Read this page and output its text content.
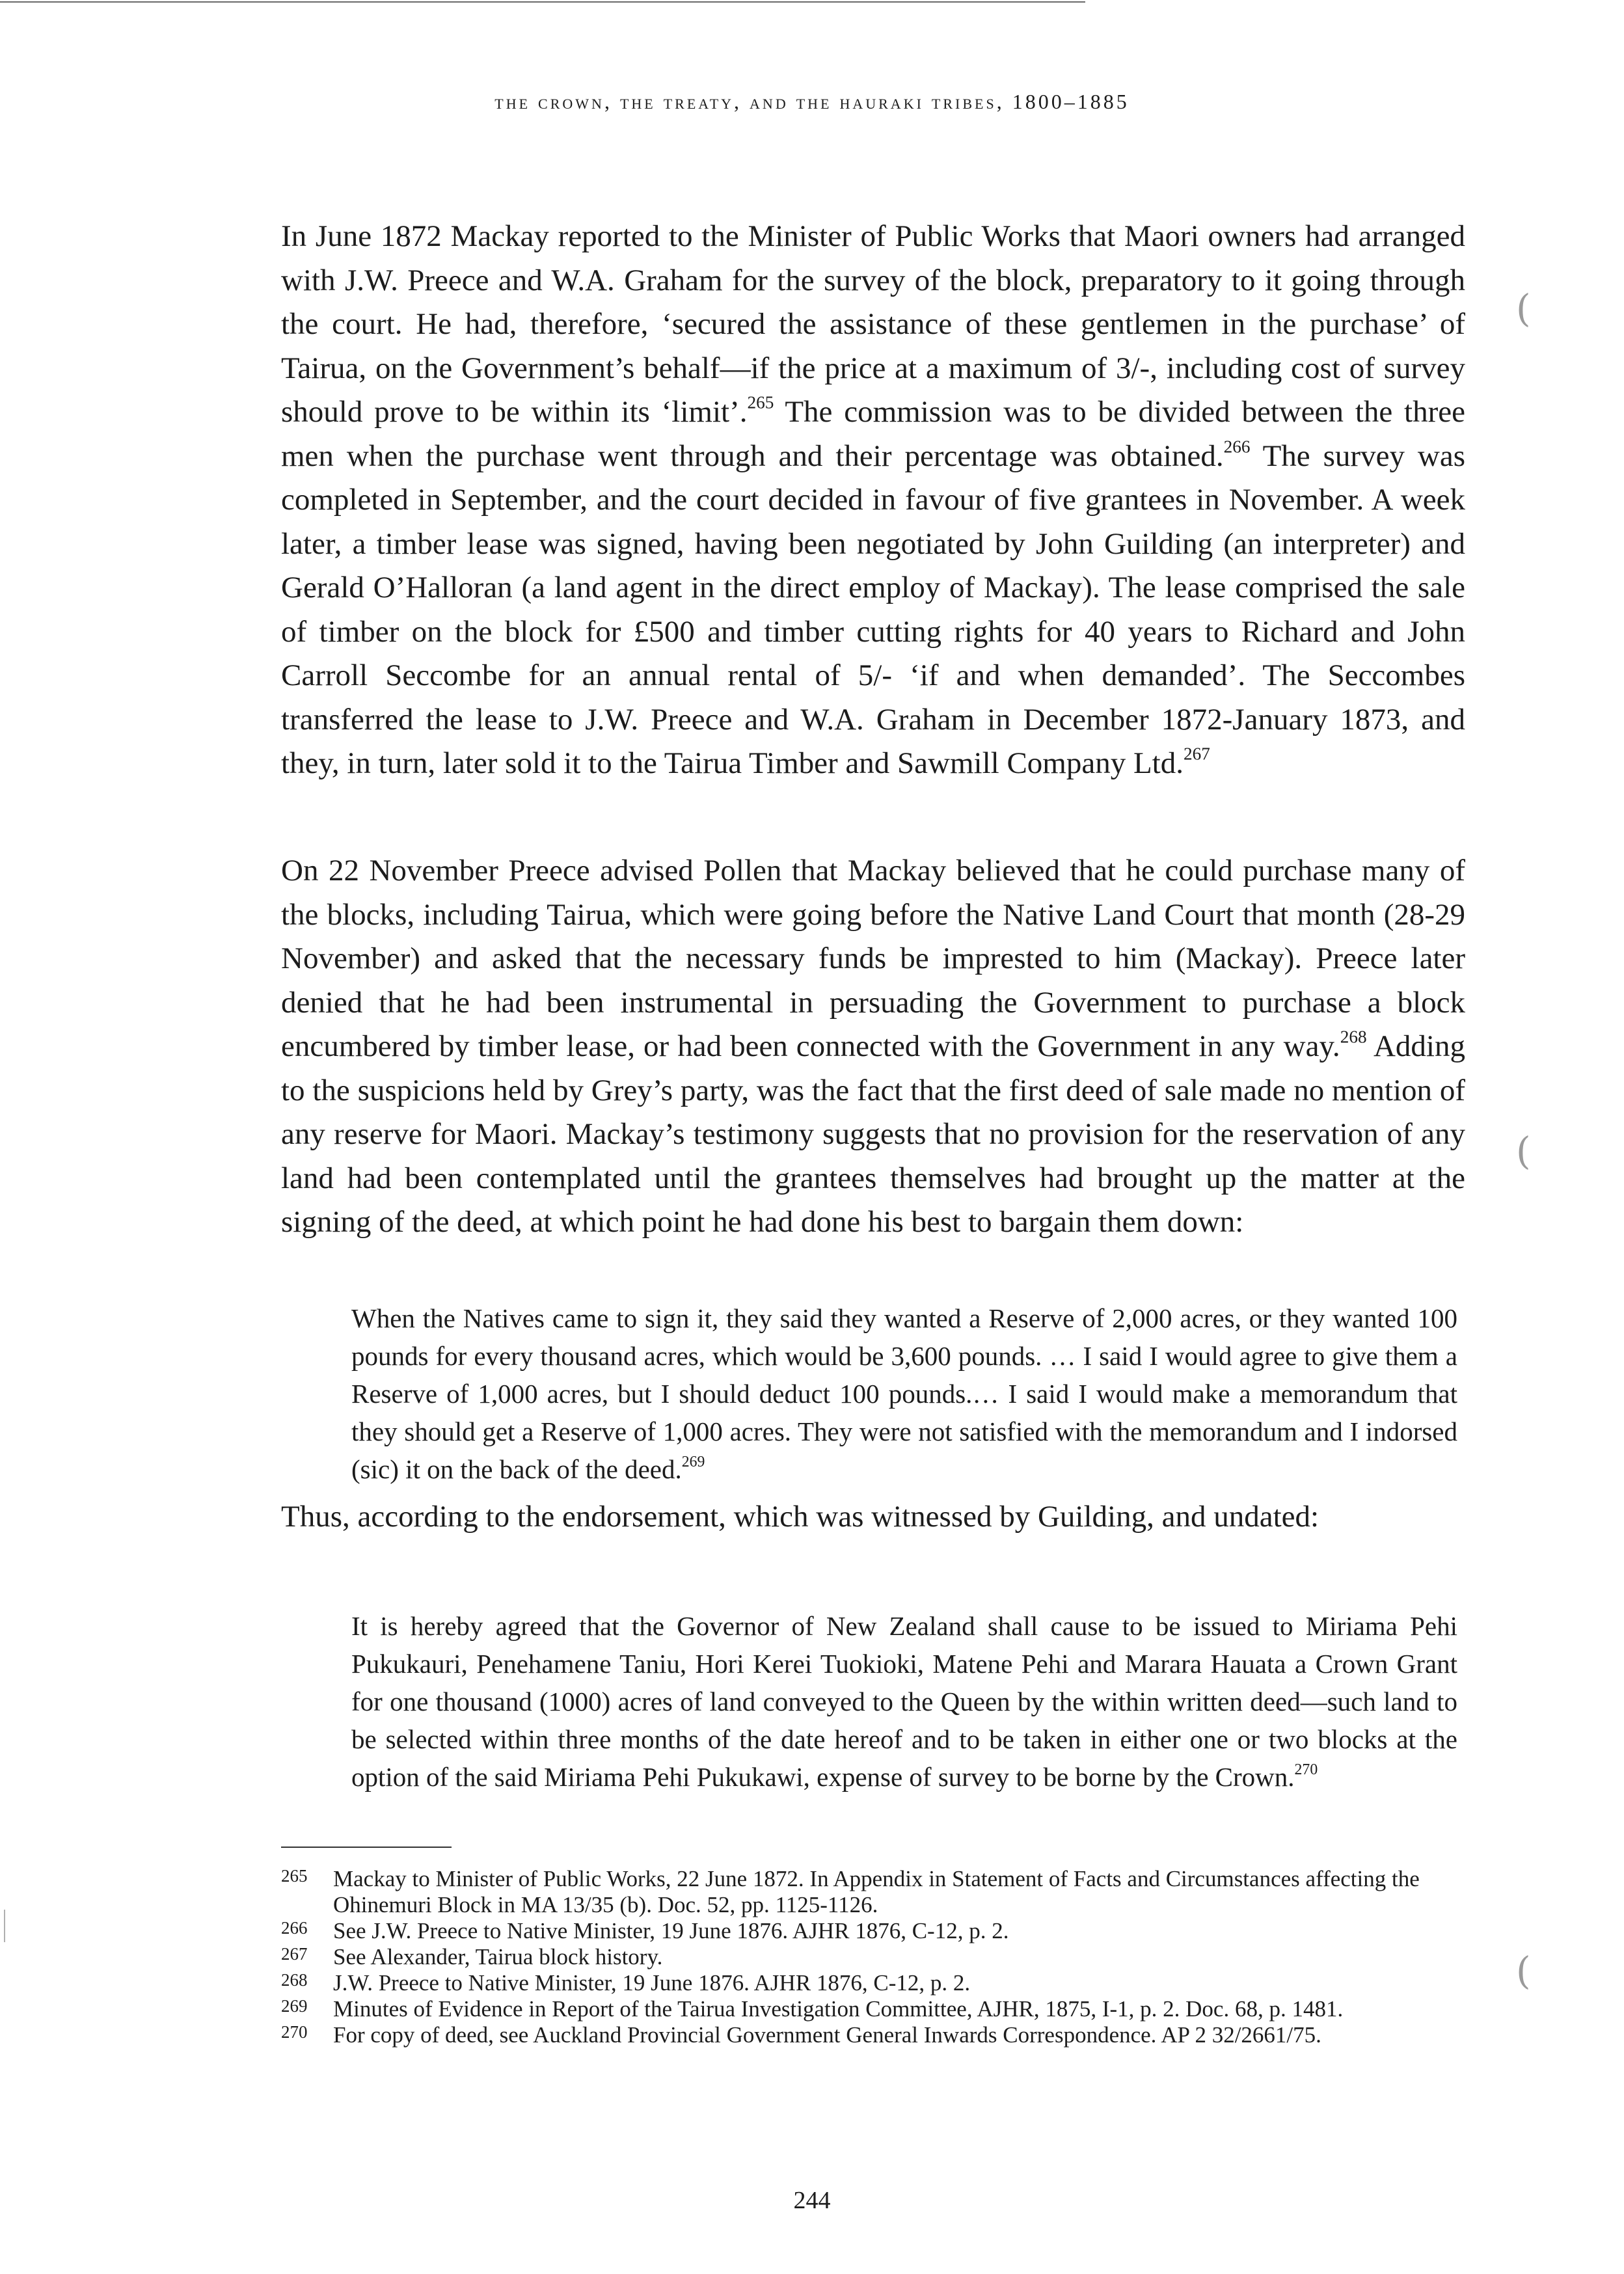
the crown, the treaty, and the hauraki tribes, 1800–1885

In June 1872 Mackay reported to the Minister of Public Works that Maori owners had arranged with J.W. Preece and W.A. Graham for the survey of the block, preparatory to it going through the court. He had, therefore, ‘secured the assistance of these gentlemen in the purchase’ of Tairua, on the Government’s behalf—if the price at a maximum of 3/-, including cost of survey should prove to be within its ‘limit’.$^{265}$ The commission was to be divided between the three men when the purchase went through and their percentage was obtained.$^{266}$ The survey was completed in September, and the court decided in favour of five grantees in November. A week later, a timber lease was signed, having been negotiated by John Guilding (an interpreter) and Gerald O’Halloran (a land agent in the direct employ of Mackay). The lease comprised the sale of timber on the block for £500 and timber cutting rights for 40 years to Richard and John Carroll Seccombe for an annual rental of 5/- ‘if and when demanded’. The Seccombes transferred the lease to J.W. Preece and W.A. Graham in December 1872-January 1873, and they, in turn, later sold it to the Tairua Timber and Sawmill Company Ltd.$^{267}$

On 22 November Preece advised Pollen that Mackay believed that he could purchase many of the blocks, including Tairua, which were going before the Native Land Court that month (28-29 November) and asked that the necessary funds be imprested to him (Mackay). Preece later denied that he had been instrumental in persuading the Government to purchase a block encumbered by timber lease, or had been connected with the Government in any way.$^{268}$ Adding to the suspicions held by Grey’s party, was the fact that the first deed of sale made no mention of any reserve for Maori. Mackay’s testimony suggests that no provision for the reservation of any land had been contemplated until the grantees themselves had brought up the matter at the signing of the deed, at which point he had done his best to bargain them down:

When the Natives came to sign it, they said they wanted a Reserve of 2,000 acres, or they wanted 100 pounds for every thousand acres, which would be 3,600 pounds. … I said I would agree to give them a Reserve of 1,000 acres, but I should deduct 100 pounds.… I said I would make a memorandum that they should get a Reserve of 1,000 acres. They were not satisfied with the memorandum and I indorsed (sic) it on the back of the deed.$^{269}$

Thus, according to the endorsement, which was witnessed by Guilding, and undated:

It is hereby agreed that the Governor of New Zealand shall cause to be issued to Miriama Pehi Pukukauri, Penehamene Taniu, Hori Kerei Tuokioki, Matene Pehi and Marara Hauata a Crown Grant for one thousand (1000) acres of land conveyed to the Queen by the within written deed—such land to be selected within three months of the date hereof and to be taken in either one or two blocks at the option of the said Miriama Pehi Pukukawi, expense of survey to be borne by the Crown.$^{270}$

265	Mackay to Minister of Public Works, 22 June 1872. In Appendix in Statement of Facts and Circumstances affecting the Ohinemuri Block in MA 13/35 (b). Doc. 52, pp. 1125-1126.
266	See J.W. Preece to Native Minister, 19 June 1876. AJHR 1876, C-12, p. 2.
267	See Alexander, Tairua block history.
268	J.W. Preece to Native Minister, 19 June 1876. AJHR 1876, C-12, p. 2.
269	Minutes of Evidence in Report of the Tairua Investigation Committee, AJHR, 1875, I-1, p. 2. Doc. 68, p. 1481.
270	For copy of deed, see Auckland Provincial Government General Inwards Correspondence. AP 2 32/2661/75.
244
(
(
(
